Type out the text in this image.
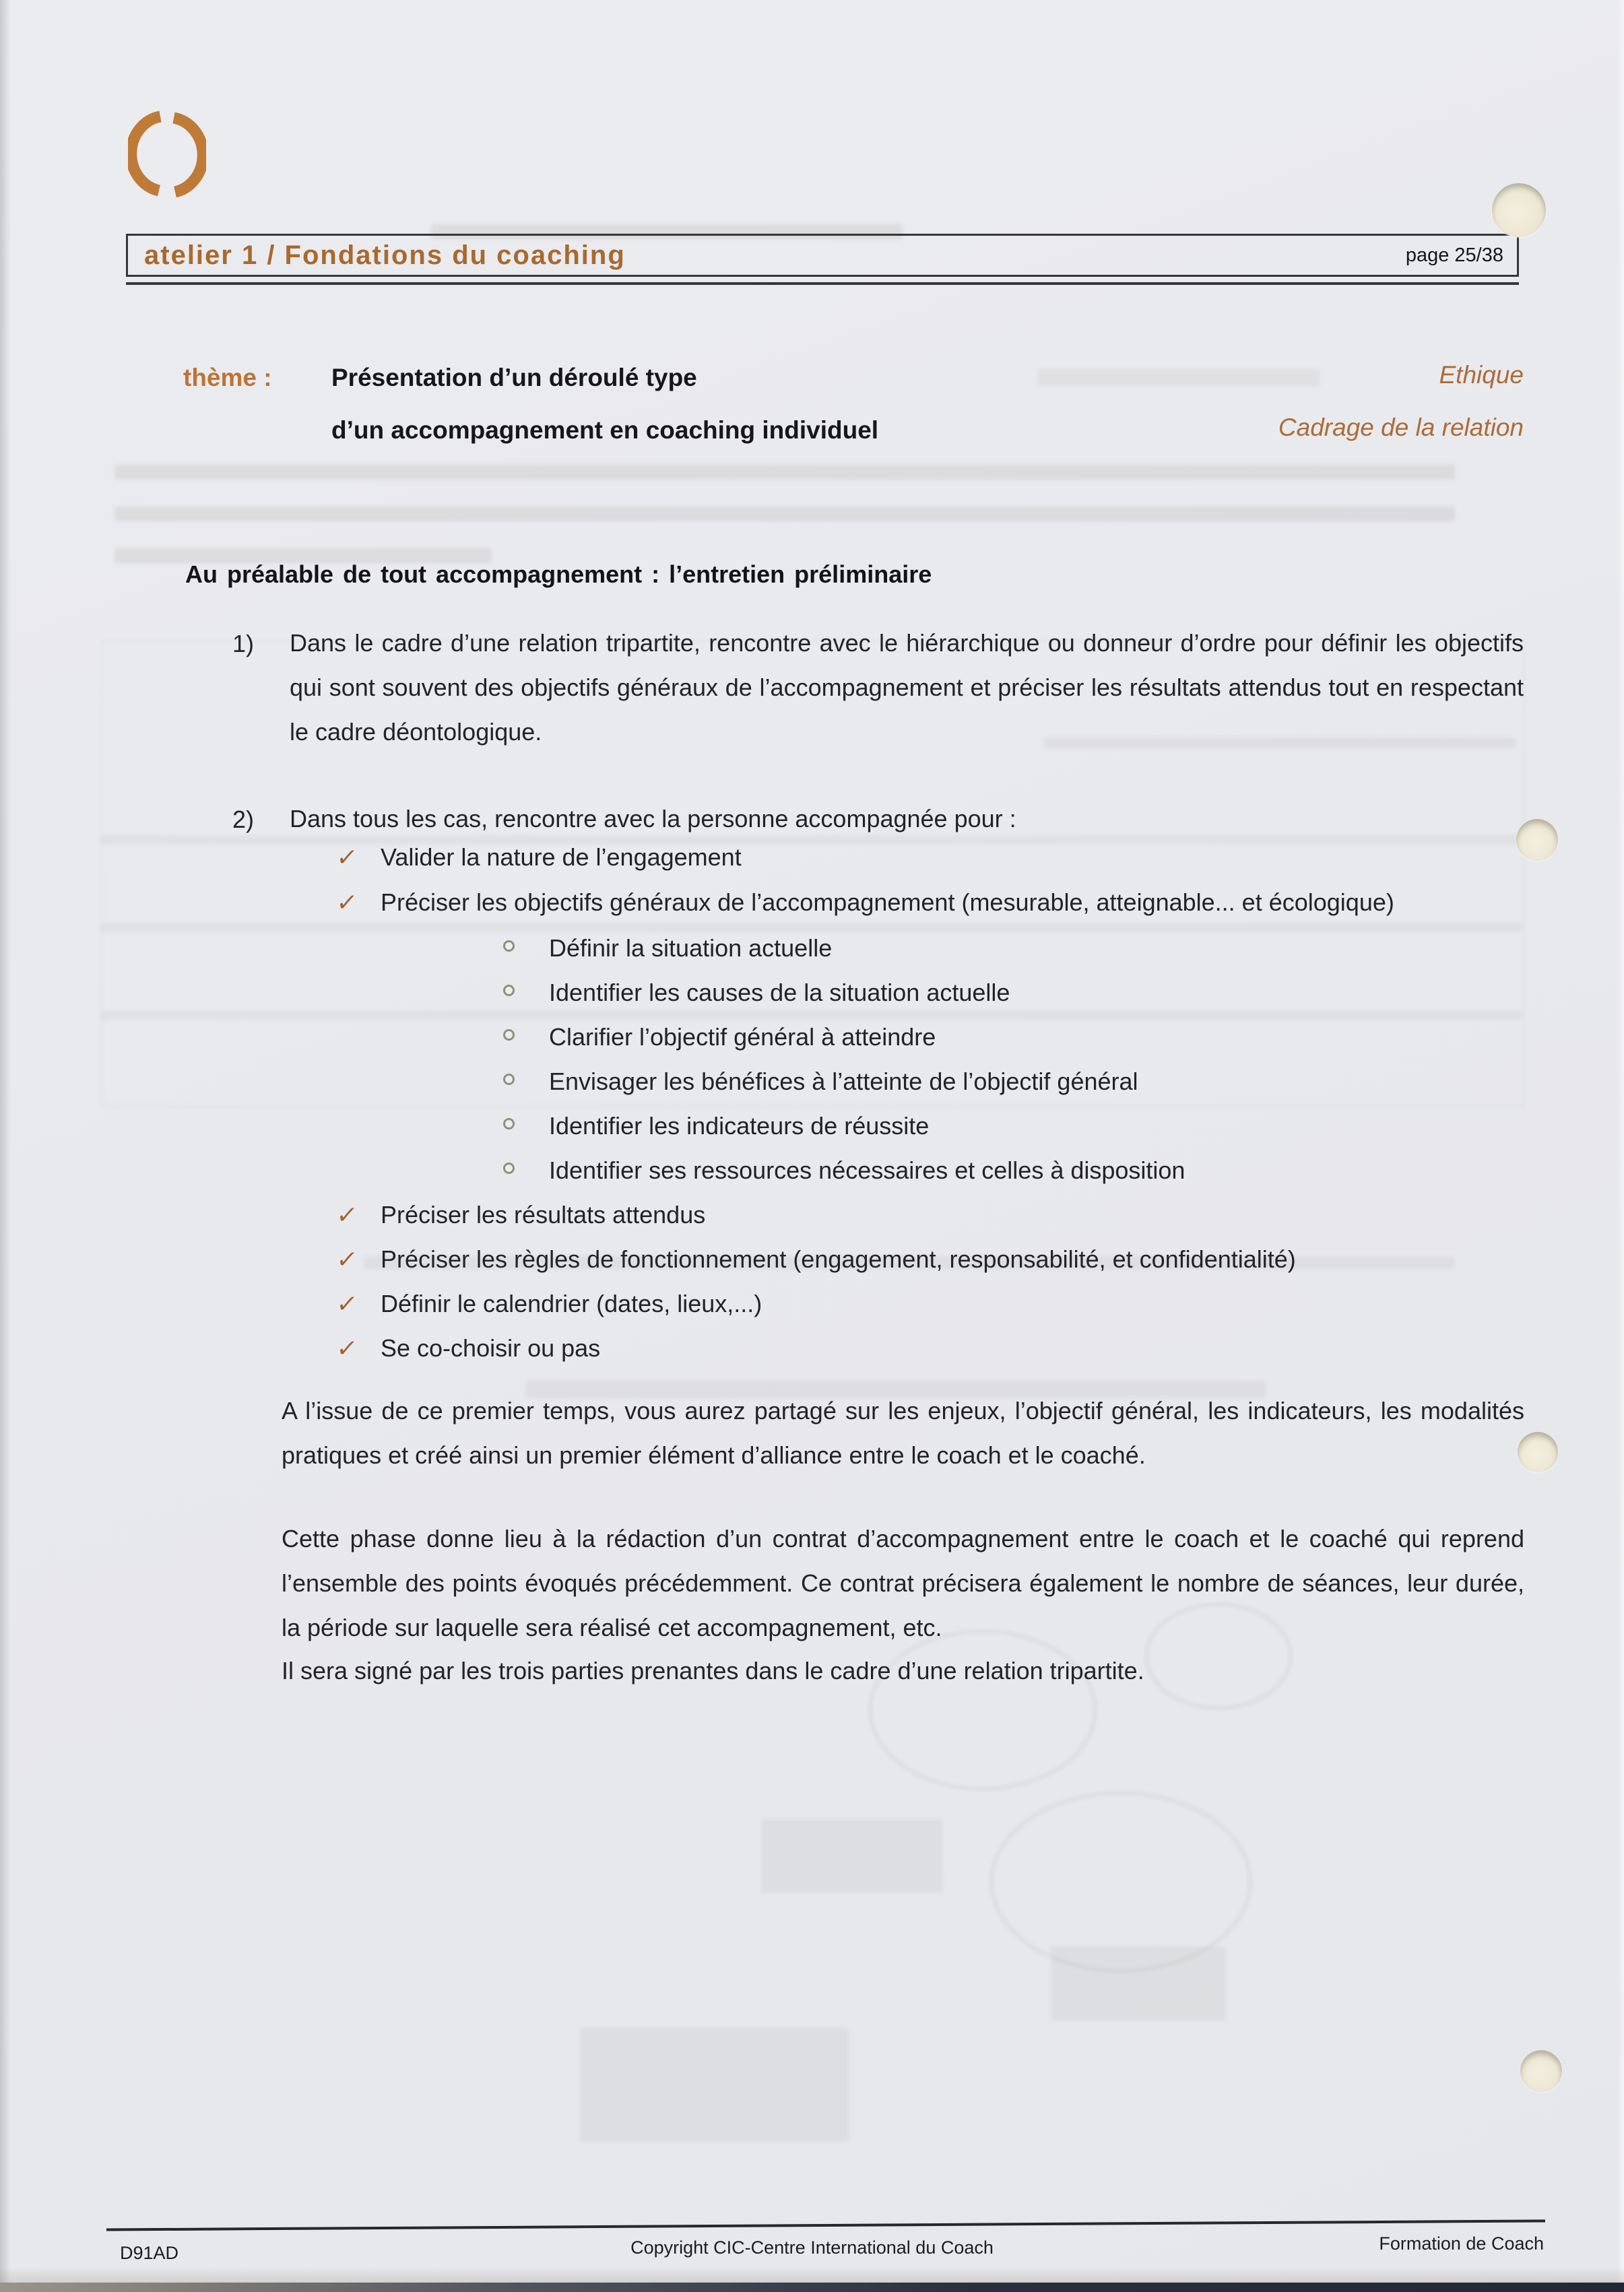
atelier 1 / Fondations du coaching	page 25/38
thème : Présentation d’un déroulé type
d’un accompagnement en coaching individuel
Ethique
Cadrage de la relation
Au préalable de tout accompagnement : l’entretien préliminaire
1) Dans le cadre d’une relation tripartite, rencontre avec le hiérarchique ou donneur d’ordre pour définir les objectifs qui sont souvent des objectifs généraux de l’accompagnement et préciser les résultats attendus tout en respectant le cadre déontologique.
2) Dans tous les cas, rencontre avec la personne accompagnée pour :
✓ Valider la nature de l’engagement
✓ Préciser les objectifs généraux de l’accompagnement (mesurable, atteignable... et écologique)
Définir la situation actuelle
Identifier les causes de la situation actuelle
Clarifier l’objectif général à atteindre
Envisager les bénéfices à l’atteinte de l’objectif général
Identifier les indicateurs de réussite
Identifier ses ressources nécessaires et celles à disposition
✓ Préciser les résultats attendus
✓ Préciser les règles de fonctionnement (engagement, responsabilité, et confidentialité)
✓ Définir le calendrier (dates, lieux,...)
✓ Se co-choisir ou pas
A l’issue de ce premier temps, vous aurez partagé sur les enjeux, l’objectif général, les indicateurs, les modalités pratiques et créé ainsi un premier élément d’alliance entre le coach et le coaché.
Cette phase donne lieu à la rédaction d’un contrat d’accompagnement entre le coach et le coaché qui reprend l’ensemble des points évoqués précédemment. Ce contrat précisera également le nombre de séances, leur durée, la période sur laquelle sera réalisé cet accompagnement, etc.
Il sera signé par les trois parties prenantes dans le cadre d’une relation tripartite.
D91AD	Copyright CIC-Centre International du Coach	Formation de Coach
